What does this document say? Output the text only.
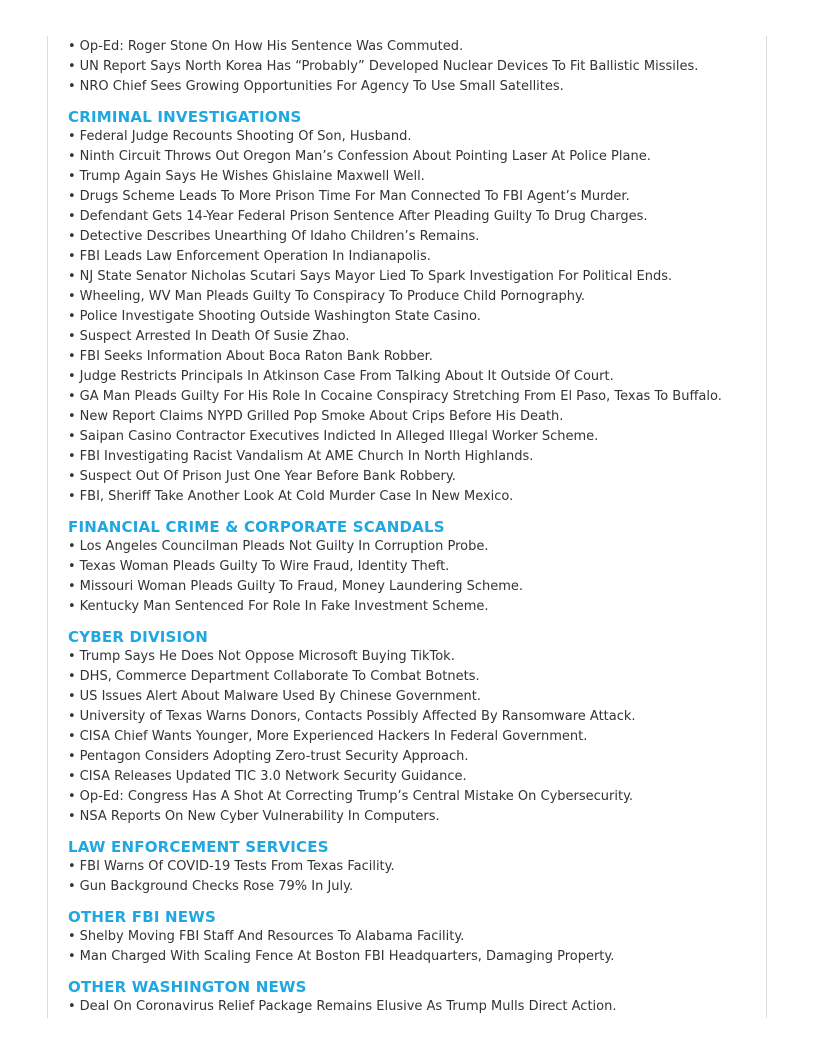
• Op-Ed: Roger Stone On How His Sentence Was Commuted.
• UN Report Says North Korea Has “Probably” Developed Nuclear Devices To Fit Ballistic Missiles.
• NRO Chief Sees Growing Opportunities For Agency To Use Small Satellites.
CRIMINAL INVESTIGATIONS
• Federal Judge Recounts Shooting Of Son, Husband.
• Ninth Circuit Throws Out Oregon Man’s Confession About Pointing Laser At Police Plane.
• Trump Again Says He Wishes Ghislaine Maxwell Well.
• Drugs Scheme Leads To More Prison Time For Man Connected To FBI Agent’s Murder.
• Defendant Gets 14-Year Federal Prison Sentence After Pleading Guilty To Drug Charges.
• Detective Describes Unearthing Of Idaho Children’s Remains.
• FBI Leads Law Enforcement Operation In Indianapolis.
• NJ State Senator Nicholas Scutari Says Mayor Lied To Spark Investigation For Political Ends.
• Wheeling, WV Man Pleads Guilty To Conspiracy To Produce Child Pornography.
• Police Investigate Shooting Outside Washington State Casino.
• Suspect Arrested In Death Of Susie Zhao.
• FBI Seeks Information About Boca Raton Bank Robber.
• Judge Restricts Principals In Atkinson Case From Talking About It Outside Of Court.
• GA Man Pleads Guilty For His Role In Cocaine Conspiracy Stretching From El Paso, Texas To Buffalo.
• New Report Claims NYPD Grilled Pop Smoke About Crips Before His Death.
• Saipan Casino Contractor Executives Indicted In Alleged Illegal Worker Scheme.
• FBI Investigating Racist Vandalism At AME Church In North Highlands.
• Suspect Out Of Prison Just One Year Before Bank Robbery.
• FBI, Sheriff Take Another Look At Cold Murder Case In New Mexico.
FINANCIAL CRIME & CORPORATE SCANDALS
• Los Angeles Councilman Pleads Not Guilty In Corruption Probe.
• Texas Woman Pleads Guilty To Wire Fraud, Identity Theft.
• Missouri Woman Pleads Guilty To Fraud, Money Laundering Scheme.
• Kentucky Man Sentenced For Role In Fake Investment Scheme.
CYBER DIVISION
• Trump Says He Does Not Oppose Microsoft Buying TikTok.
• DHS, Commerce Department Collaborate To Combat Botnets.
• US Issues Alert About Malware Used By Chinese Government.
• University of Texas Warns Donors, Contacts Possibly Affected By Ransomware Attack.
• CISA Chief Wants Younger, More Experienced Hackers In Federal Government.
• Pentagon Considers Adopting Zero-trust Security Approach.
• CISA Releases Updated TIC 3.0 Network Security Guidance.
• Op-Ed: Congress Has A Shot At Correcting Trump’s Central Mistake On Cybersecurity.
• NSA Reports On New Cyber Vulnerability In Computers.
LAW ENFORCEMENT SERVICES
• FBI Warns Of COVID-19 Tests From Texas Facility.
• Gun Background Checks Rose 79% In July.
OTHER FBI NEWS
• Shelby Moving FBI Staff And Resources To Alabama Facility.
• Man Charged With Scaling Fence At Boston FBI Headquarters, Damaging Property.
OTHER WASHINGTON NEWS
• Deal On Coronavirus Relief Package Remains Elusive As Trump Mulls Direct Action.
